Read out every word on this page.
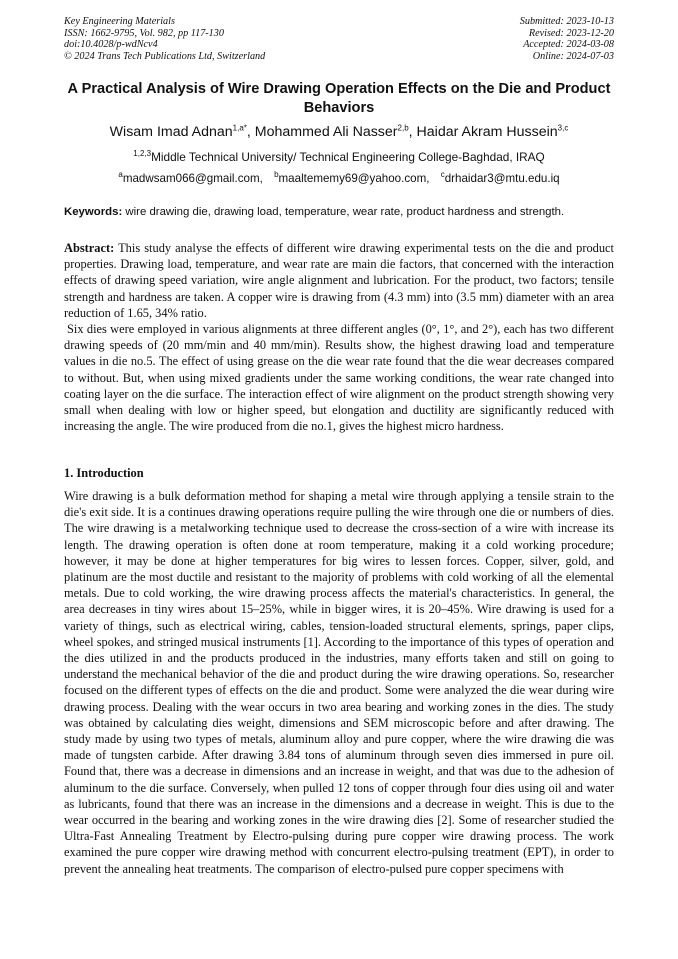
Key Engineering Materials
ISSN: 1662-9795, Vol. 982, pp 117-130
doi:10.4028/p-wdNcv4
© 2024 Trans Tech Publications Ltd, Switzerland
Submitted: 2023-10-13
Revised: 2023-12-20
Accepted: 2024-03-08
Online: 2024-07-03
A Practical Analysis of Wire Drawing Operation Effects on the Die and Product Behaviors
Wisam Imad Adnan$^{1,a*}$, Mohammed Ali Nasser$^{2,b}$, Haidar Akram Hussein$^{3,c}$
$^{1,2,3}$Middle Technical University/ Technical Engineering College-Baghdad, IRAQ
$^a$madwsam066@gmail.com, $^b$maaltememy69@yahoo.com, $^c$drhaidar3@mtu.edu.iq
Keywords: wire drawing die, drawing load, temperature, wear rate, product hardness and strength.

Abstract: This study analyse the effects of different wire drawing experimental tests on the die and product properties. Drawing load, temperature, and wear rate are main die factors, that concerned with the interaction effects of drawing speed variation, wire angle alignment and lubrication. For the product, two factors; tensile strength and hardness are taken. A copper wire is drawing from (4.3 mm) into (3.5 mm) diameter with an area reduction of 1.65, 34% ratio.

Six dies were employed in various alignments at three different angles (0°, 1°, and 2°), each has two different drawing speeds of (20 mm/min and 40 mm/min). Results show, the highest drawing load and temperature values in die no.5. The effect of using grease on the die wear rate found that the die wear decreases compared to without. But, when using mixed gradients under the same working conditions, the wear rate changed into coating layer on the die surface. The interaction effect of wire alignment on the product strength showing very small when dealing with low or higher speed, but elongation and ductility are significantly reduced with increasing the angle. The wire produced from die no.1, gives the highest micro hardness.

1. Introduction

Wire drawing is a bulk deformation method for shaping a metal wire through applying a tensile strain to the die's exit side. It is a continues drawing operations require pulling the wire through one die or numbers of dies. The wire drawing is a metalworking technique used to decrease the cross-section of a wire with increase its length. The drawing operation is often done at room temperature, making it a cold working procedure; however, it may be done at higher temperatures for big wires to lessen forces. Copper, silver, gold, and platinum are the most ductile and resistant to the majority of problems with cold working of all the elemental metals. Due to cold working, the wire drawing process affects the material's characteristics. In general, the area decreases in tiny wires about 15–25%, while in bigger wires, it is 20–45%. Wire drawing is used for a variety of things, such as electrical wiring, cables, tension-loaded structural elements, springs, paper clips, wheel spokes, and stringed musical instruments [1]. According to the importance of this types of operation and the dies utilized in and the products produced in the industries, many efforts taken and still on going to understand the mechanical behavior of the die and product during the wire drawing operations. So, researcher focused on the different types of effects on the die and product. Some were analyzed the die wear during wire drawing process. Dealing with the wear occurs in two area bearing and working zones in the dies. The study was obtained by calculating dies weight, dimensions and SEM microscopic before and after drawing. The study made by using two types of metals, aluminum alloy and pure copper, where the wire drawing die was made of tungsten carbide. After drawing 3.84 tons of aluminum through seven dies immersed in pure oil. Found that, there was a decrease in dimensions and an increase in weight, and that was due to the adhesion of aluminum to the die surface. Conversely, when pulled 12 tons of copper through four dies using oil and water as lubricants, found that there was an increase in the dimensions and a decrease in weight. This is due to the wear occurred in the bearing and working zones in the wire drawing dies [2]. Some of researcher studied the Ultra-Fast Annealing Treatment by Electro-pulsing during pure copper wire drawing process. The work examined the pure copper wire drawing method with concurrent electro-pulsing treatment (EPT), in order to prevent the annealing heat treatments. The comparison of electro-pulsed pure copper specimens with
